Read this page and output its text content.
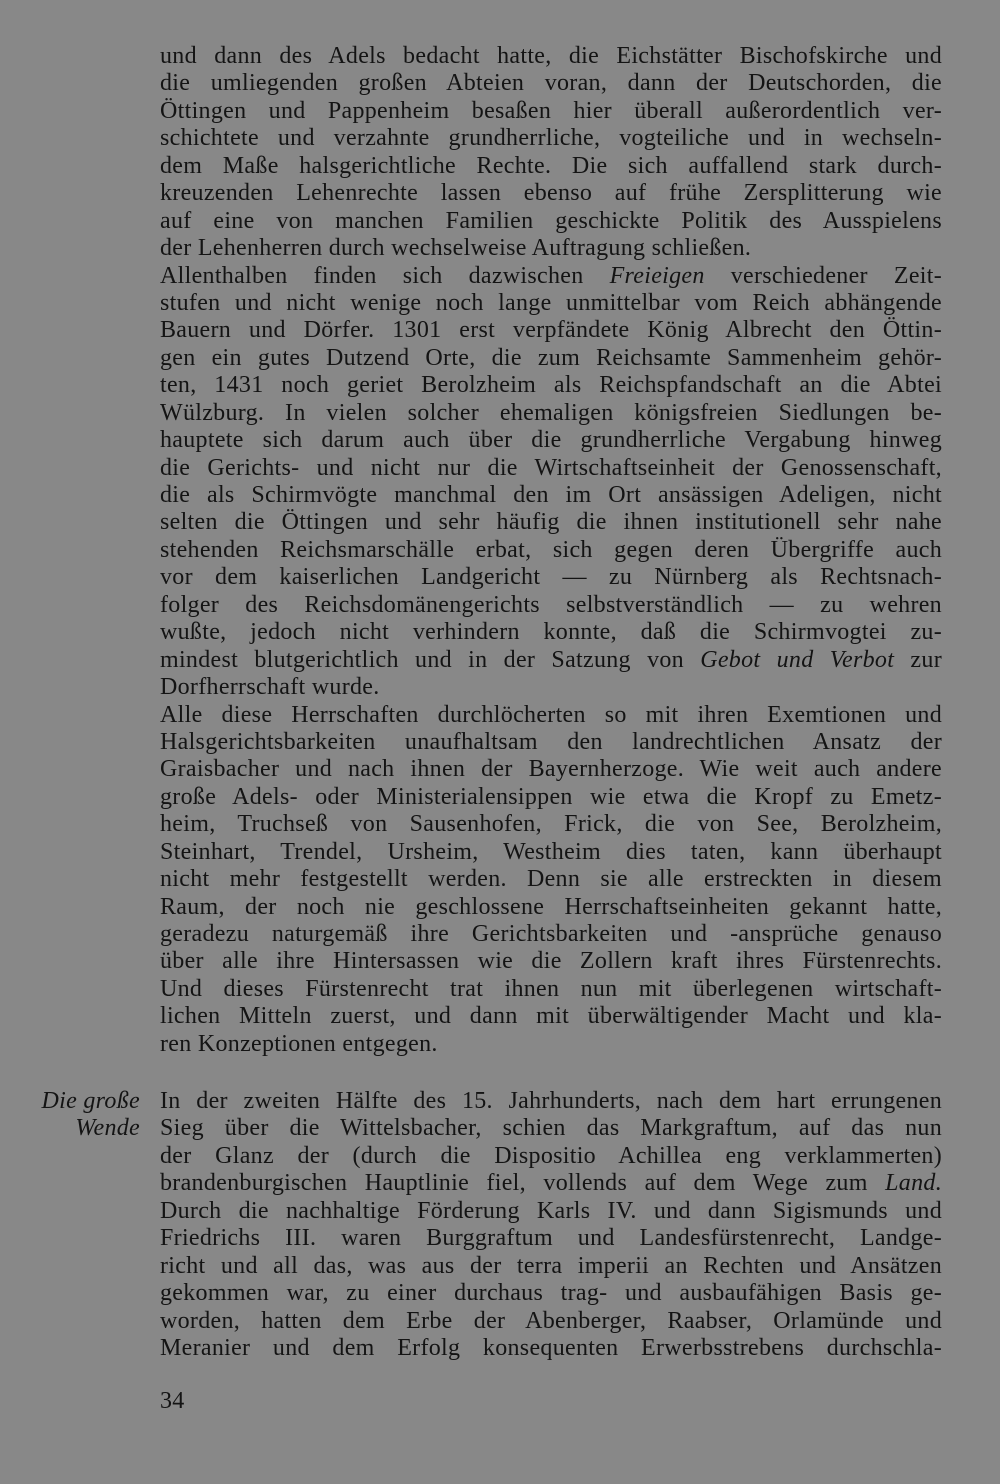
und dann des Adels bedacht hatte, die Eichstätter Bischofskirche und
die umliegenden großen Abteien voran, dann der Deutschorden, die
Öttingen und Pappenheim besaßen hier überall außerordentlich ver-
schichtete und verzahnte grundherrliche, vogteiliche und in wechseln-
dem Maße halsgerichtliche Rechte. Die sich auffallend stark durch-
kreuzenden Lehenrechte lassen ebenso auf frühe Zersplitterung wie
auf eine von manchen Familien geschickte Politik des Ausspielens
der Lehenherren durch wechselweise Auftragung schließen.
Allenthalben finden sich dazwischen Freieigen verschiedener Zeit-
stufen und nicht wenige noch lange unmittelbar vom Reich abhängende
Bauern und Dörfer. 1301 erst verpfändete König Albrecht den Öttin-
gen ein gutes Dutzend Orte, die zum Reichsamte Sammenheim gehör-
ten, 1431 noch geriet Berolzheim als Reichspfandschaft an die Abtei
Wülzburg. In vielen solcher ehemaligen königsfreien Siedlungen be-
hauptete sich darum auch über die grundherrliche Vergabung hinweg
die Gerichts- und nicht nur die Wirtschaftseinheit der Genossenschaft,
die als Schirmvögte manchmal den im Ort ansässigen Adeligen, nicht
selten die Öttingen und sehr häufig die ihnen institutionell sehr nahe
stehenden Reichsmarschälle erbat, sich gegen deren Übergriffe auch
vor dem kaiserlichen Landgericht — zu Nürnberg als Rechtsnach-
folger des Reichsdomänengerichts selbstverständlich — zu wehren
wußte, jedoch nicht verhindern konnte, daß die Schirmvogtei zu-
mindest blutgerichtlich und in der Satzung von Gebot und Verbot zur
Dorfherrschaft wurde.
Alle diese Herrschaften durchlöcherten so mit ihren Exemtionen und
Halsgerichtsbarkeiten unaufhaltsam den landrechtlichen Ansatz der
Graisbacher und nach ihnen der Bayernherzoge. Wie weit auch andere
große Adels- oder Ministerialensippen wie etwa die Kropf zu Emetz-
heim, Truchseß von Sausenhofen, Frick, die von See, Berolzheim,
Steinhart, Trendel, Ursheim, Westheim dies taten, kann überhaupt
nicht mehr festgestellt werden. Denn sie alle erstreckten in diesem
Raum, der noch nie geschlossene Herrschaftseinheiten gekannt hatte,
geradezu naturgemäß ihre Gerichtsbarkeiten und -ansprüche genauso
über alle ihre Hintersassen wie die Zollern kraft ihres Fürstenrechts.
Und dieses Fürstenrecht trat ihnen nun mit überlegenen wirtschaft-
lichen Mitteln zuerst, und dann mit überwältigender Macht und kla-
ren Konzeptionen entgegen.
Die große
Wende
In der zweiten Hälfte des 15. Jahrhunderts, nach dem hart errungenen
Sieg über die Wittelsbacher, schien das Markgraftum, auf das nun
der Glanz der (durch die Dispositio Achillea eng verklammerten)
brandenburgischen Hauptlinie fiel, vollends auf dem Wege zum Land.
Durch die nachhaltige Förderung Karls IV. und dann Sigismunds und
Friedrichs III. waren Burggraftum und Landesfürstenrecht, Landge-
richt und all das, was aus der terra imperii an Rechten und Ansätzen
gekommen war, zu einer durchaus trag- und ausbaufähigen Basis ge-
worden, hatten dem Erbe der Abenberger, Raabser, Orlamünde und
Meranier und dem Erfolg konsequenten Erwerbsstrebens durchschla-
34
